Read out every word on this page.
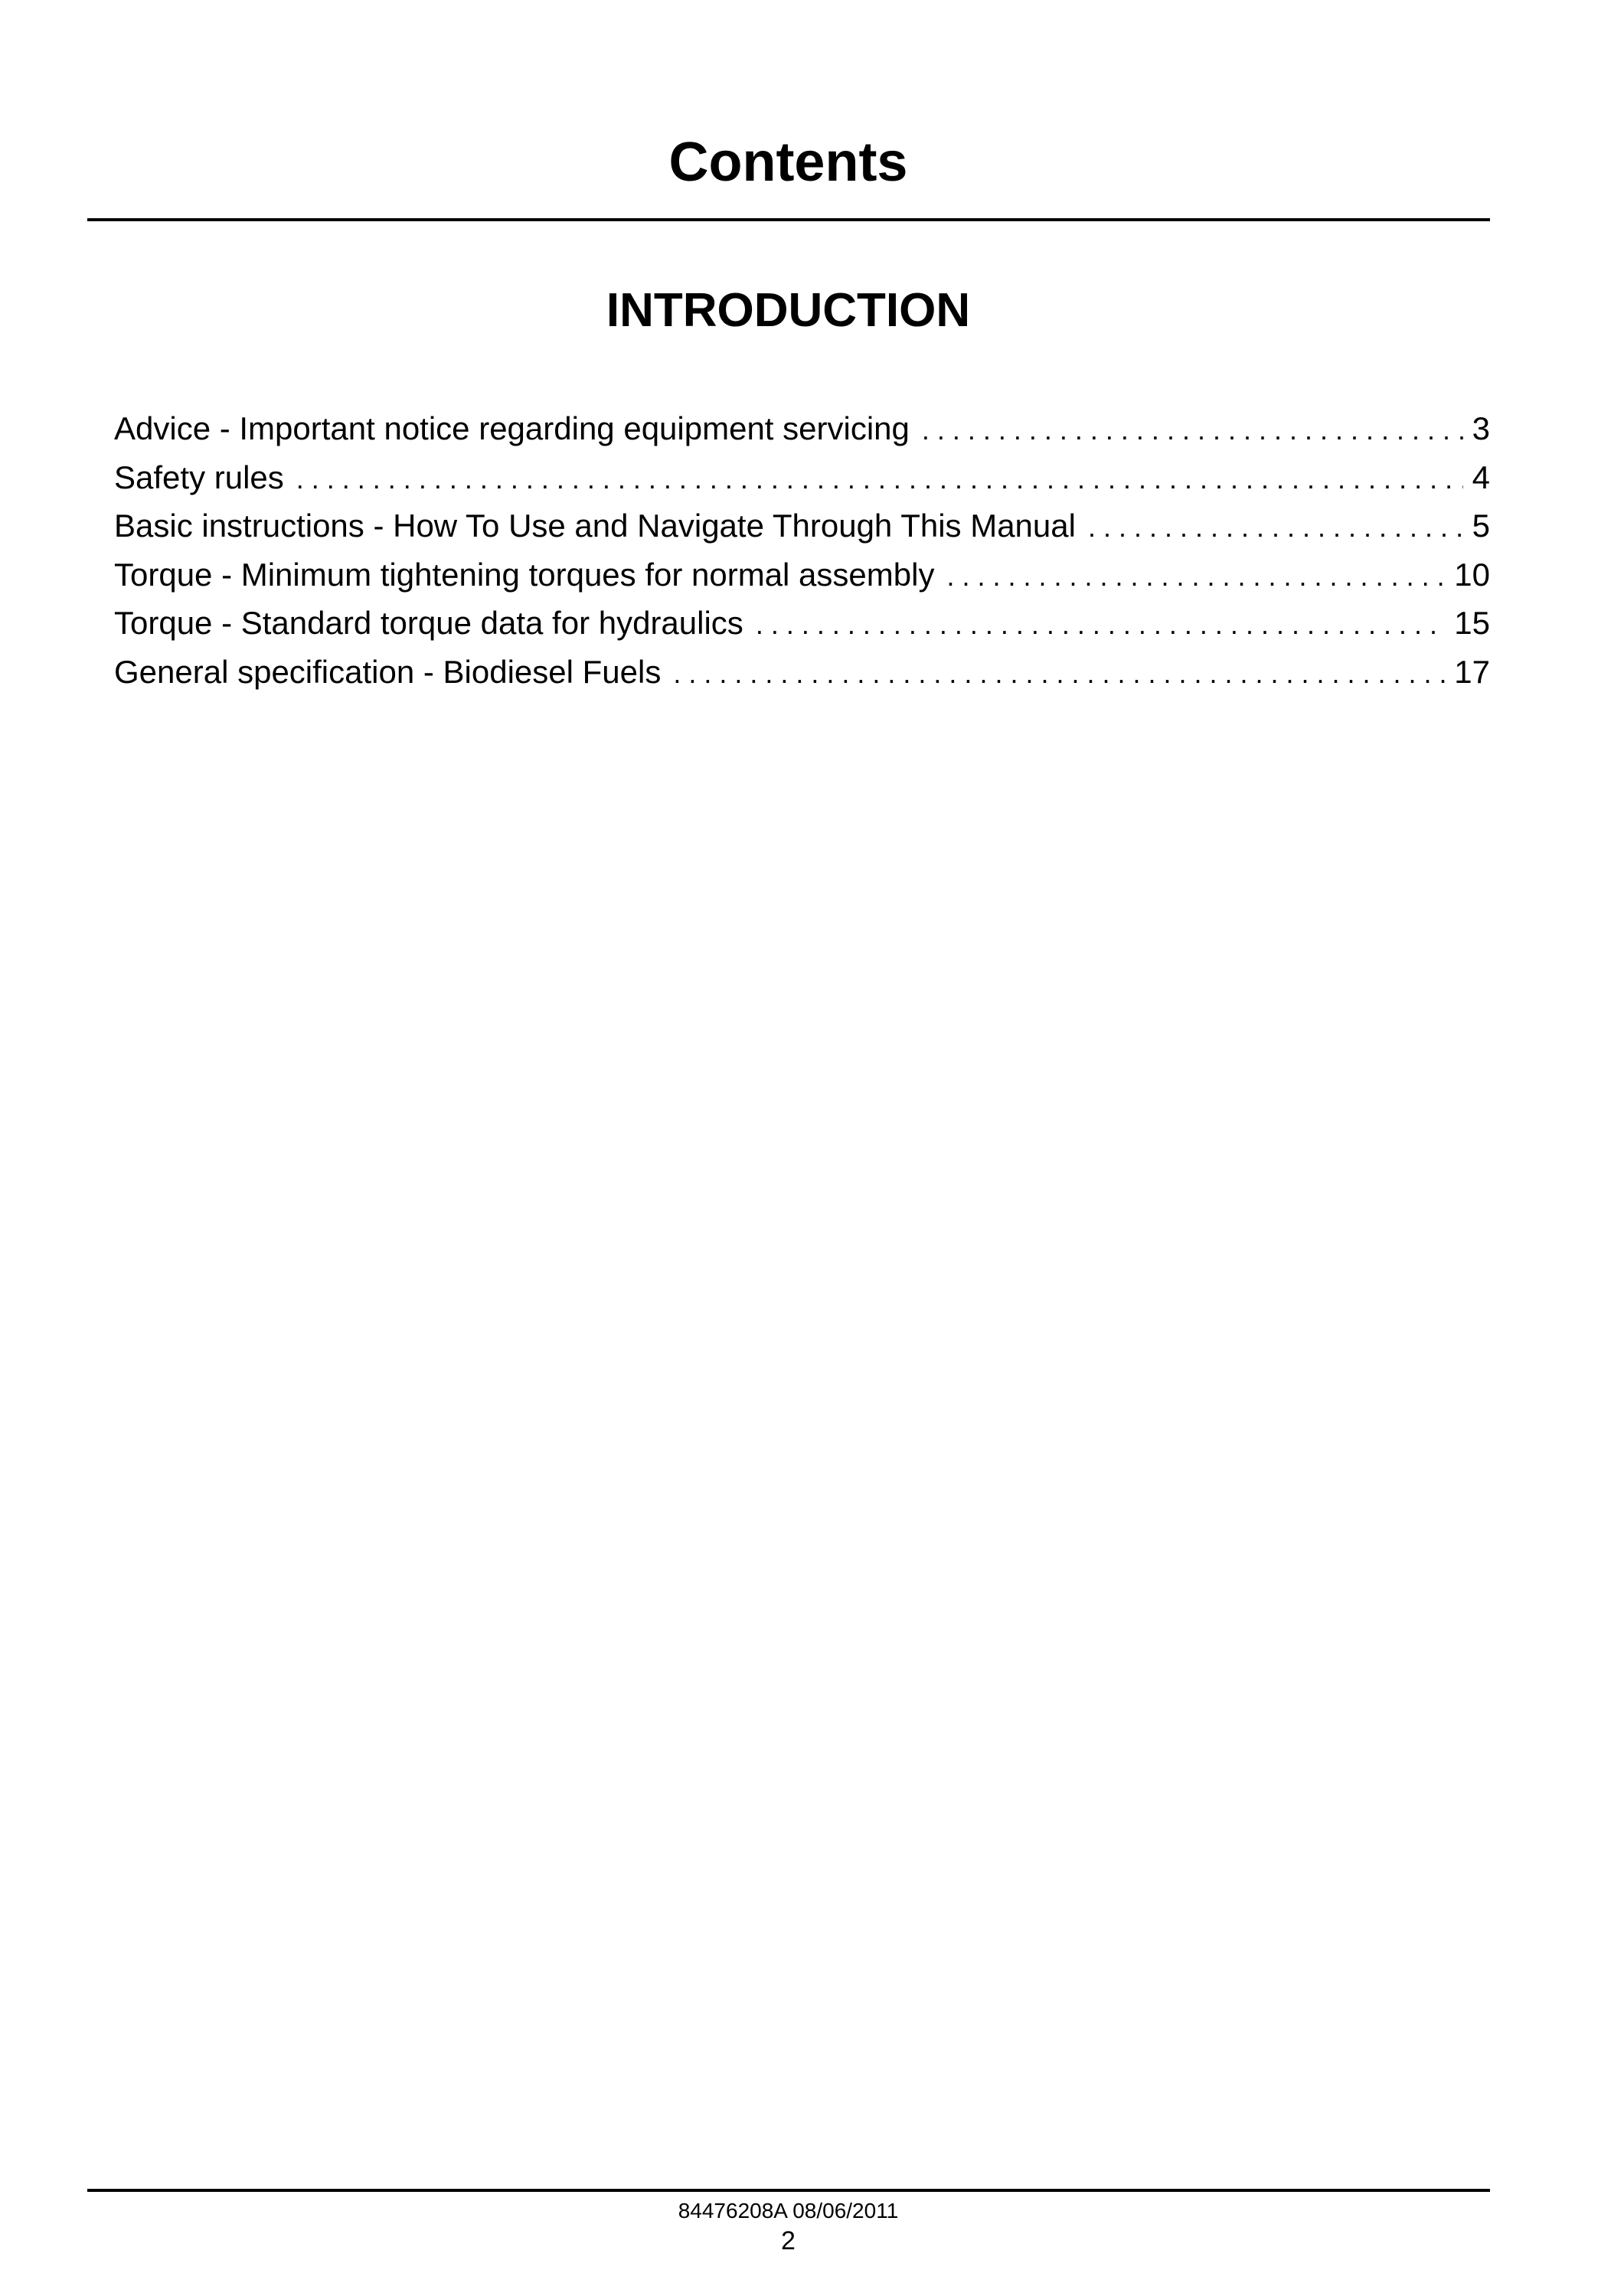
Contents
INTRODUCTION
Advice - Important notice regarding equipment servicing . . .	3
Safety rules . . .	4
Basic instructions - How To Use and Navigate Through This Manual . . .	5
Torque - Minimum tightening torques for normal assembly . . .	10
Torque - Standard torque data for hydraulics . . .	15
General specification - Biodiesel Fuels . . .	17
84476208A 08/06/2011
2
